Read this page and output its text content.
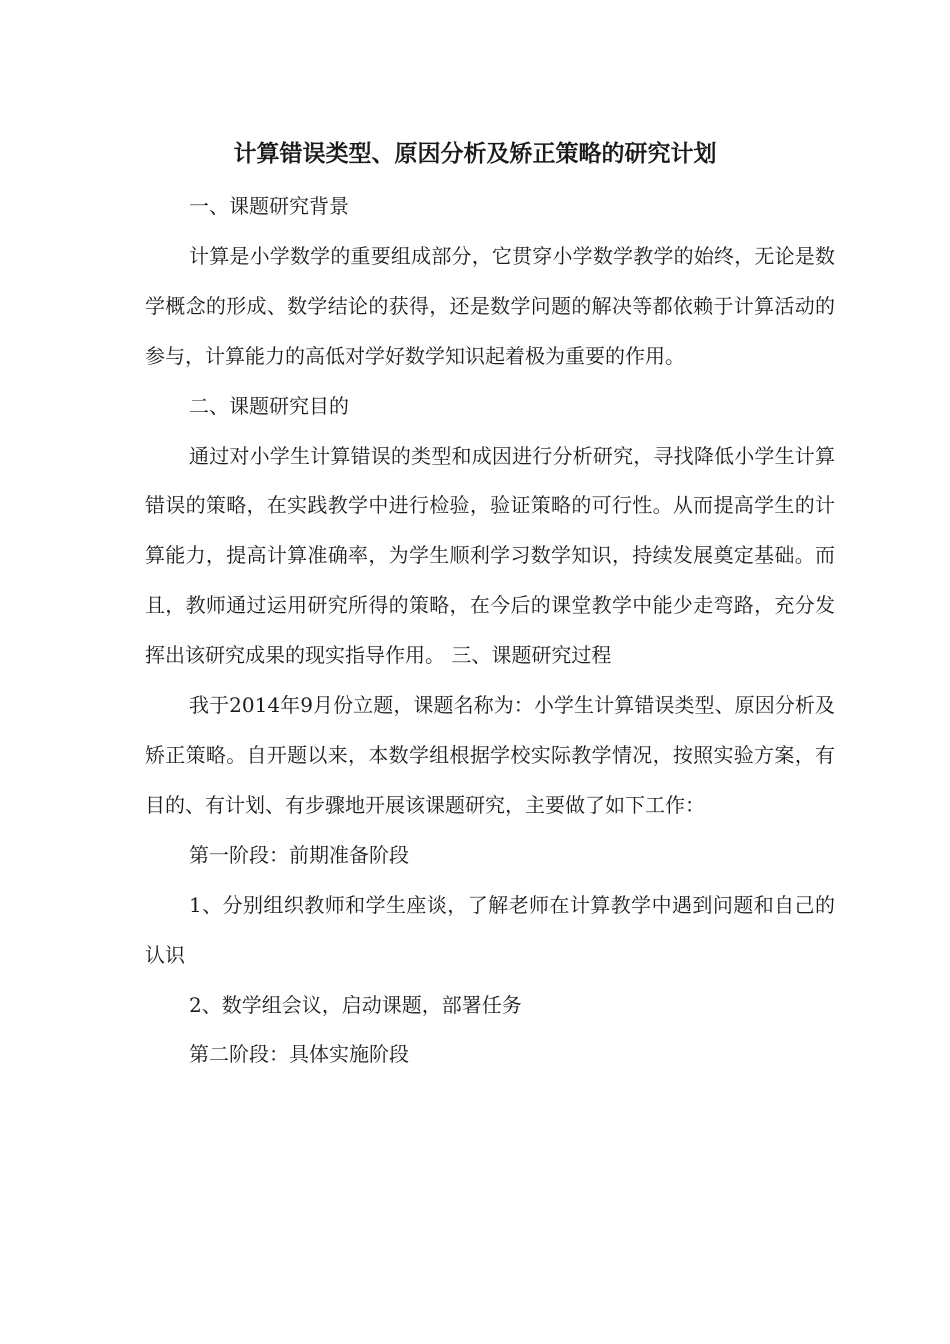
计算错误类型、原因分析及矫正策略的研究计划

一、课题研究背景

计算是小学数学的重要组成部分，它贯穿小学数学教学的始终，无论是数学概念的形成、数学结论的获得，还是数学问题的解决等都依赖于计算活动的参与，计算能力的高低对学好数学知识起着极为重要的作用。

二、课题研究目的

通过对小学生计算错误的类型和成因进行分析研究，寻找降低小学生计算错误的策略，在实践教学中进行检验，验证策略的可行性。从而提高学生的计算能力，提高计算准确率，为学生顺利学习数学知识，持续发展奠定基础。而且，教师通过运用研究所得的策略，在今后的课堂教学中能少走弯路，充分发挥出该研究成果的现实指导作用。 三、课题研究过程

我于2014年9月份立题，课题名称为：小学生计算错误类型、原因分析及矫正策略。自开题以来，本数学组根据学校实际教学情况，按照实验方案，有目的、有计划、有步骤地开展该课题研究，主要做了如下工作：

第一阶段：前期准备阶段

1、分别组织教师和学生座谈，了解老师在计算教学中遇到问题和自己的认识

2、数学组会议，启动课题，部署任务

第二阶段：具体实施阶段
